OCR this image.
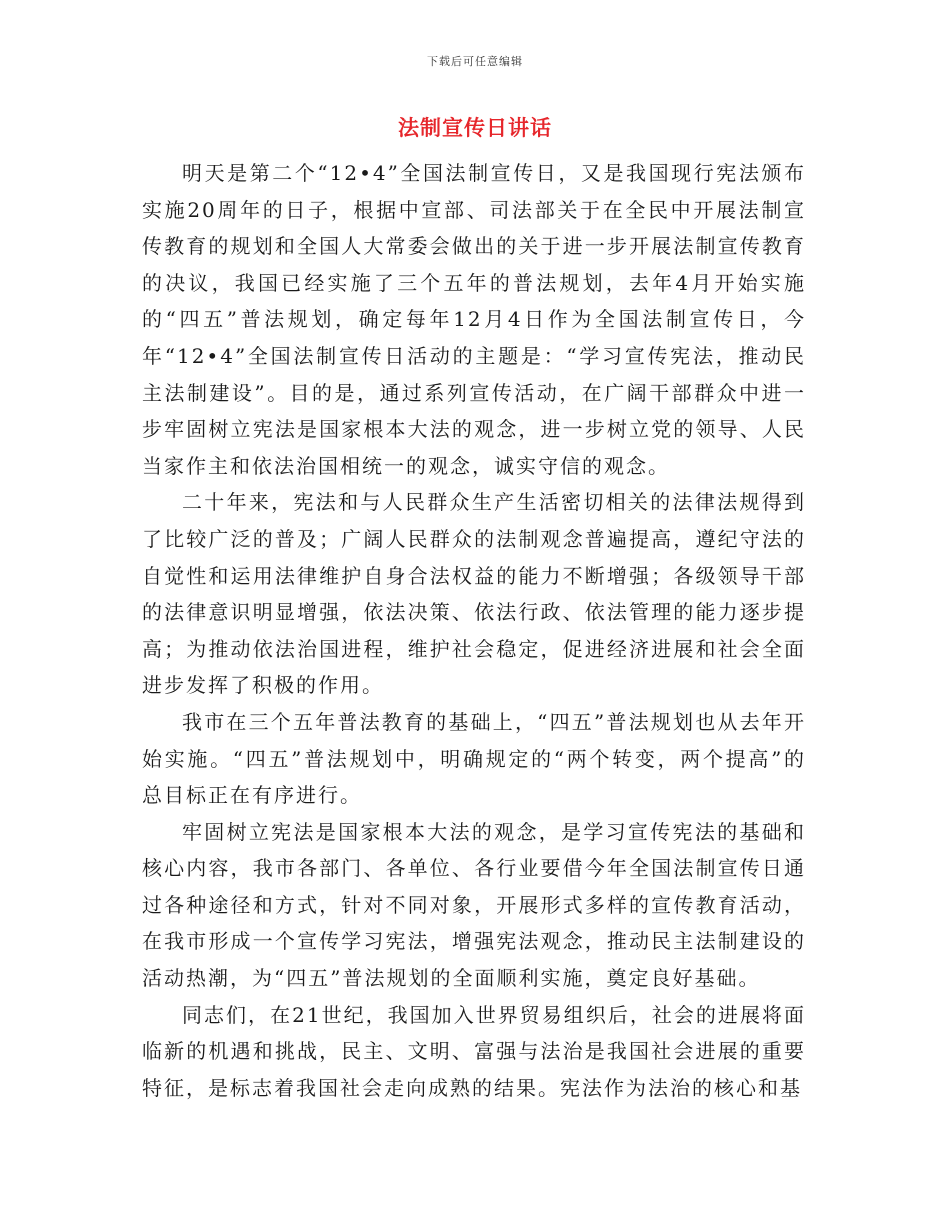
下载后可任意编辑
法制宣传日讲话

明天是第二个“12•4”全国法制宣传日，又是我国现行宪法颁布实施20周年的日子，根据中宣部、司法部关于在全民中开展法制宣传教育的规划和全国人大常委会做出的关于进一步开展法制宣传教育的决议，我国已经实施了三个五年的普法规划，去年4月开始实施的“四五”普法规划，确定每年12月4日作为全国法制宣传日，今年“12•4”全国法制宣传日活动的主题是：“学习宣传宪法，推动民主法制建设”。目的是，通过系列宣传活动，在广阔干部群众中进一步牢固树立宪法是国家根本大法的观念，进一步树立党的领导、人民当家作主和依法治国相统一的观念，诚实守信的观念。

二十年来，宪法和与人民群众生产生活密切相关的法律法规得到了比较广泛的普及；广阔人民群众的法制观念普遍提高，遵纪守法的自觉性和运用法律维护自身合法权益的能力不断增强；各级领导干部的法律意识明显增强，依法决策、依法行政、依法管理的能力逐步提高；为推动依法治国进程，维护社会稳定，促进经济进展和社会全面进步发挥了积极的作用。

我市在三个五年普法教育的基础上，“四五”普法规划也从去年开始实施。“四五”普法规划中，明确规定的“两个转变，两个提高”的总目标正在有序进行。

牢固树立宪法是国家根本大法的观念，是学习宣传宪法的基础和核心内容，我市各部门、各单位、各行业要借今年全国法制宣传日通过各种途径和方式，针对不同对象，开展形式多样的宣传教育活动，在我市形成一个宣传学习宪法，增强宪法观念，推动民主法制建设的活动热潮，为“四五”普法规划的全面顺利实施，奠定良好基础。

同志们，在21世纪，我国加入世界贸易组织后，社会的进展将面临新的机遇和挑战，民主、文明、富强与法治是我国社会进展的重要特征，是标志着我国社会走向成熟的结果。宪法作为法治的核心和基
